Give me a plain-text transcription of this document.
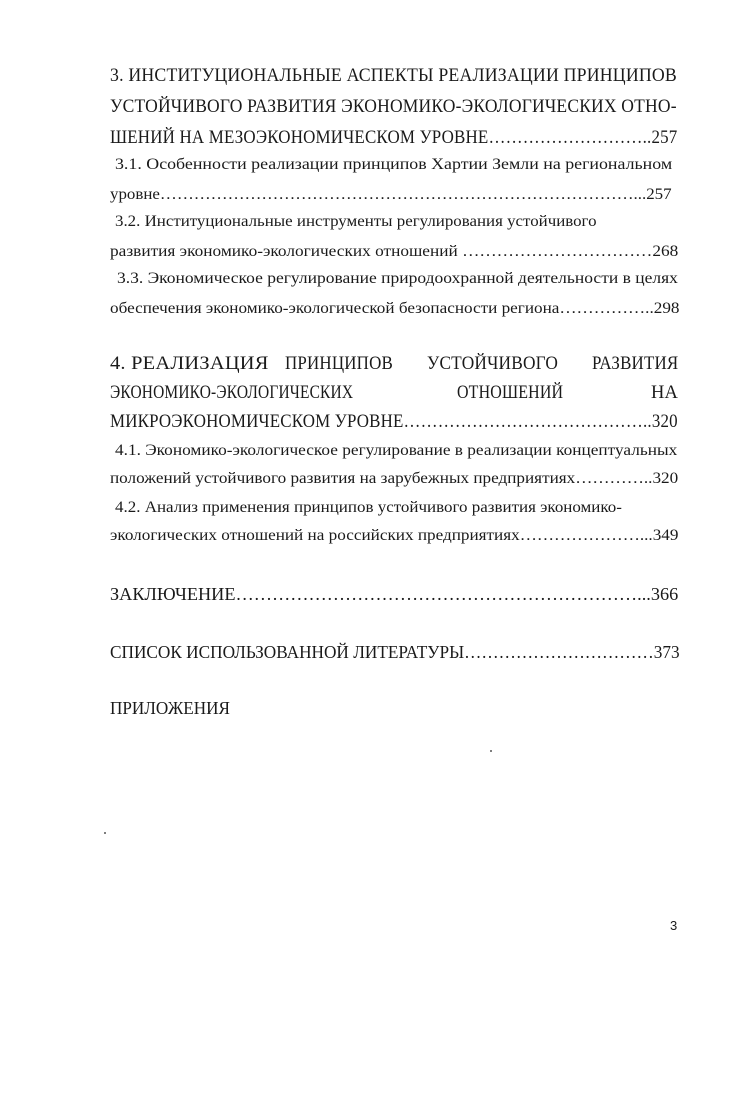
3. ИНСТИТУЦИОНАЛЬНЫЕ АСПЕКТЫ РЕАЛИЗАЦИИ ПРИНЦИПОВ
УСТОЙЧИВОГО РАЗВИТИЯ ЭКОНОМИКО-ЭКОЛОГИЧЕСКИХ ОТНО-
ШЕНИЙ НА МЕЗОЭКОНОМИЧЕСКОМ УРОВНЕ………………………..257
3.1. Особенности реализации принципов Хартии Земли на региональном
уровне…………………………………………………………………………...257
3.2. Институциональные инструменты регулирования устойчивого
развития экономико-экологических отношений ……………………………268
3.3. Экономическое регулирование природоохранной деятельности в целях
обеспечения экономико-экологической безопасности региона……………..298
4. РЕАЛИЗАЦИЯ ПРИНЦИПОВ УСТОЙЧИВОГО РАЗВИТИЯ
ЭКОНОМИКО-ЭКОЛОГИЧЕСКИХ	ОТНОШЕНИЙ	НА
МИКРОЭКОНОМИЧЕСКОМ УРОВНЕ……………………………………..320
4.1. Экономико-экологическое регулирование в реализации концептуальных
положений устойчивого развития на зарубежных предприятиях…………..320
4.2. Анализ применения принципов устойчивого развития экономико-
экологических отношений на российских предприятиях…………………...349
ЗАКЛЮЧЕНИЕ…………………………………………………………...366
СПИСОК ИСПОЛЬЗОВАННОЙ ЛИТЕРАТУРЫ……………………………373
ПРИЛОЖЕНИЯ
3
